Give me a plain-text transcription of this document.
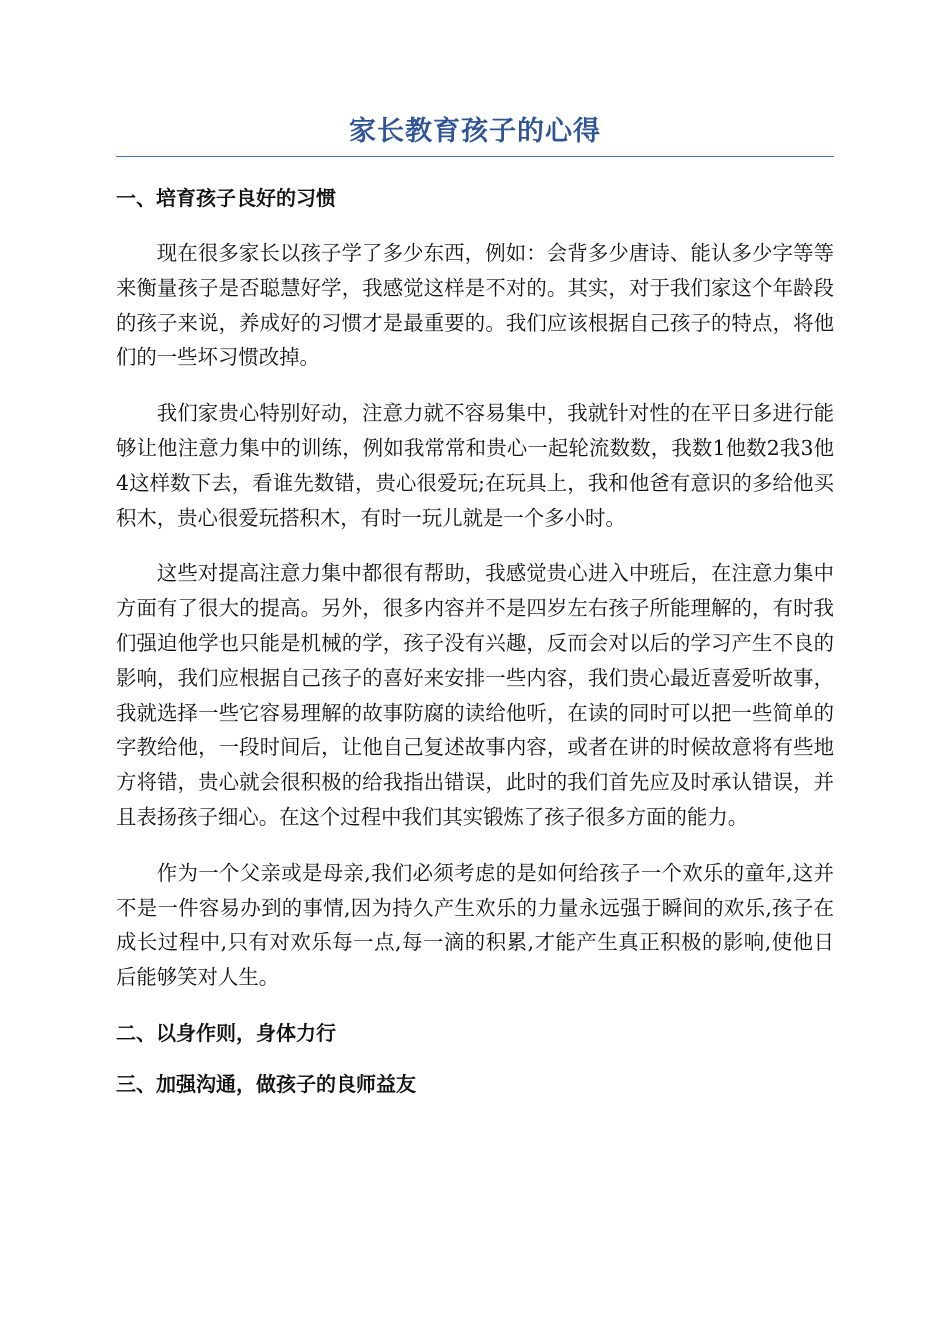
家长教育孩子的心得
一、培育孩子良好的习惯

现在很多家长以孩子学了多少东西，例如：会背多少唐诗、能认多少字等等来衡量孩子是否聪慧好学，我感觉这样是不对的。其实，对于我们家这个年龄段的孩子来说，养成好的习惯才是最重要的。我们应该根据自己孩子的特点，将他们的一些坏习惯改掉。

我们家贵心特别好动，注意力就不容易集中，我就针对性的在平日多进行能够让他注意力集中的训练，例如我常常和贵心一起轮流数数，我数1他数2我3他4这样数下去，看谁先数错，贵心很爱玩;在玩具上，我和他爸有意识的多给他买积木，贵心很爱玩搭积木，有时一玩儿就是一个多小时。

这些对提高注意力集中都很有帮助，我感觉贵心进入中班后，在注意力集中方面有了很大的提高。另外，很多内容并不是四岁左右孩子所能理解的，有时我们强迫他学也只能是机械的学，孩子没有兴趣，反而会对以后的学习产生不良的影响，我们应根据自己孩子的喜好来安排一些内容，我们贵心最近喜爱听故事，我就选择一些它容易理解的故事防腐的读给他听，在读的同时可以把一些简单的字教给他，一段时间后，让他自己复述故事内容，或者在讲的时候故意将有些地方将错，贵心就会很积极的给我指出错误，此时的我们首先应及时承认错误，并且表扬孩子细心。在这个过程中我们其实锻炼了孩子很多方面的能力。

作为一个父亲或是母亲,我们必须考虑的是如何给孩子一个欢乐的童年,这并不是一件容易办到的事情,因为持久产生欢乐的力量永远强于瞬间的欢乐,孩子在成长过程中,只有对欢乐每一点,每一滴的积累,才能产生真正积极的影响,使他日后能够笑对人生。

二、以身作则，身体力行
三、加强沟通，做孩子的良师益友
